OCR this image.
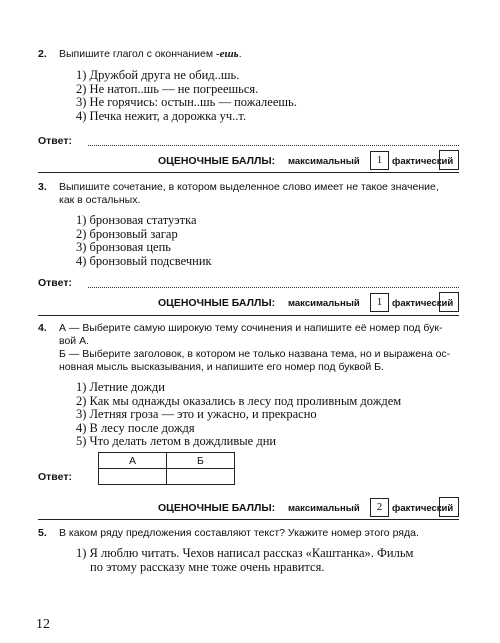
2. Выпишите глагол с окончанием -ешь.
1) Дружбой друга не обид..шь.
2) Не натоп..шь — не погреешься.
3) Не горячись: остын..шь — пожалеешь.
4) Печка нежит, а дорожка уч..т.
Ответ:
ОЦЕНОЧНЫЕ БАЛЛЫ: максимальный	1	фактический
3. Выпишите сочетание, в котором выделенное слово имеет не такое значение,
как в остальных.
1) бронзовая статуэтка
2) бронзовый загар
3) бронзовая цепь
4) бронзовый подсвечник
Ответ:
ОЦЕНОЧНЫЕ БАЛЛЫ: максимальный	1	фактический
4. А — Выберите самую широкую тему сочинения и напишите её номер под бук-
вой А.
Б — Выберите заголовок, в котором не только названа тема, но и выражена ос-
новная мысль высказывания, и напишите его номер под буквой Б.
1) Летние дожди
2) Как мы однажды оказались в лесу под проливным дождем
3) Летняя гроза — это и ужасно, и прекрасно
4) В лесу после дождя
5) Что делать летом в дождливые дни
А	Б

Ответ:
ОЦЕНОЧНЫЕ БАЛЛЫ: максимальный	2	фактический
5. В каком ряду предложения составляют текст? Укажите номер этого ряда.
1) Я люблю читать. Чехов написал рассказ «Каштанка». Фильм
по этому рассказу мне тоже очень нравится.
12
